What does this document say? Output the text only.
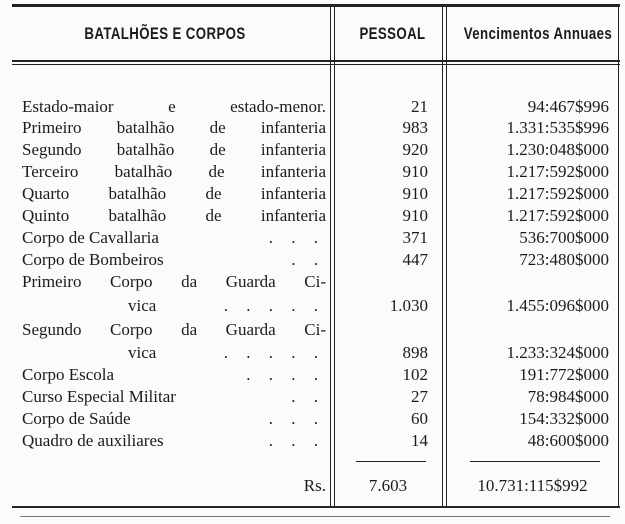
BATALHÕES E CORPOS	PESSOAL	Vencimentos Annuaes
Estado-maior e estado-menor.	21	94:467$996
Primeiro batalhão de infanteria	983	1.331:535$996
Segundo batalhão de infanteria	920	1.230:048$000
Terceiro batalhão de infanteria	910	1.217:592$000
Quarto batalhão de infanteria	910	1.217:592$000
Quinto batalhão de infanteria	910	1.217:592$000
Corpo de Cavallaria	. . .	371	536:700$000
Corpo de Bombeiros	. .	447	723:480$000
Primeiro Corpo da Guarda Ci-
vica	. . . . .	1.030	1.455:096$000
Segundo Corpo da Guarda Ci-
vica	. . . . .	898	1.233:324$000
Corpo Escola	. . . .	102	191:772$000
Curso Especial Militar	. .	27	78:984$000
Corpo de Saúde	. . .	60	154:332$000
Quadro de auxiliares	. . .	14	48:600$000
Rs.	7.603	10.731:115$992
